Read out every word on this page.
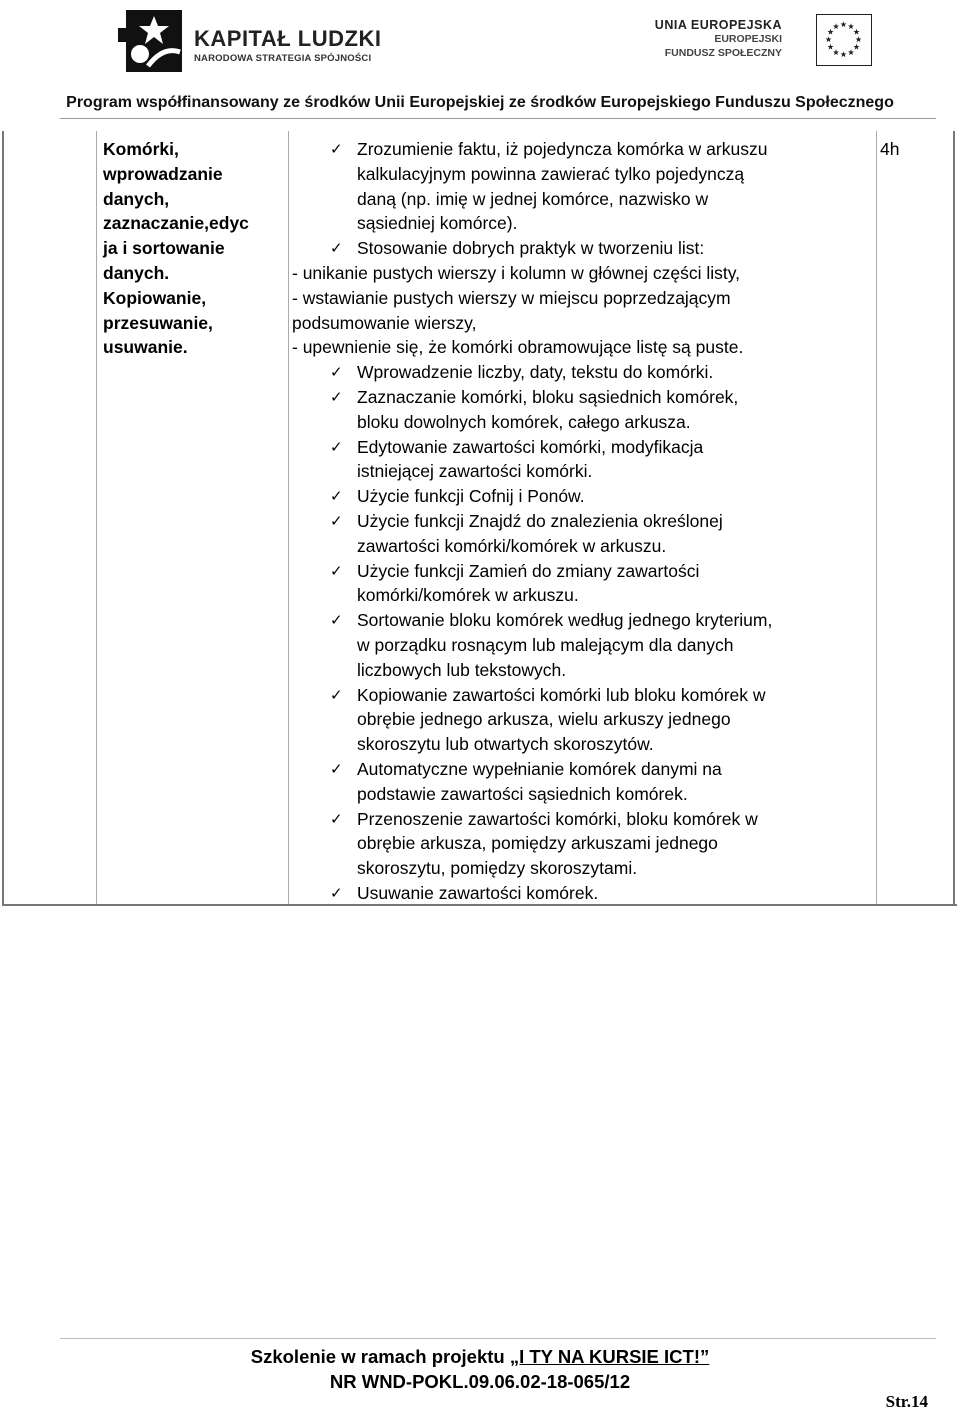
KAPITAŁ LUDZKI
NARODOWA STRATEGIA SPÓJNOŚCI
UNIA EUROPEJSKA
EUROPEJSKI
FUNDUSZ SPOŁECZNY
Program współfinansowany ze środków Unii Europejskiej ze środków Europejskiego Funduszu Społecznego
Komórki,
wprowadzanie
danych,
zaznaczanie,edyc
ja i sortowanie
danych.
Kopiowanie,
przesuwanie,
usuwanie.
4h
✓ Zrozumienie faktu, iż pojedyncza komórka w arkuszu
kalkulacyjnym powinna zawierać tylko pojedynczą
daną (np. imię w jednej komórce, nazwisko w
sąsiedniej komórce).
✓ Stosowanie dobrych praktyk w tworzeniu list:
- unikanie pustych wierszy i kolumn w głównej części listy,
- wstawianie pustych wierszy w miejscu poprzedzającym
podsumowanie wierszy,
- upewnienie się, że komórki obramowujące listę są puste.
✓ Wprowadzenie liczby, daty, tekstu do komórki.
✓ Zaznaczanie komórki, bloku sąsiednich komórek,
bloku dowolnych komórek, całego arkusza.
✓ Edytowanie zawartości komórki, modyfikacja
istniejącej zawartości komórki.
✓ Użycie funkcji Cofnij i Ponów.
✓ Użycie funkcji Znajdź do znalezienia określonej
zawartości komórki/komórek w arkuszu.
✓ Użycie funkcji Zamień do zmiany zawartości
komórki/komórek w arkuszu.
✓ Sortowanie bloku komórek według jednego kryterium,
w porządku rosnącym lub malejącym dla danych
liczbowych lub tekstowych.
✓ Kopiowanie zawartości komórki lub bloku komórek w
obrębie jednego arkusza, wielu arkuszy jednego
skoroszytu lub otwartych skoroszytów.
✓ Automatyczne wypełnianie komórek danymi na
podstawie zawartości sąsiednich komórek.
✓ Przenoszenie zawartości komórki, bloku komórek w
obrębie arkusza, pomiędzy arkuszami jednego
skoroszytu, pomiędzy skoroszytami.
✓ Usuwanie zawartości komórek.
Szkolenie w ramach projektu „I TY NA KURSIE ICT!”
NR WND-POKL.09.06.02-18-065/12
Str.14
